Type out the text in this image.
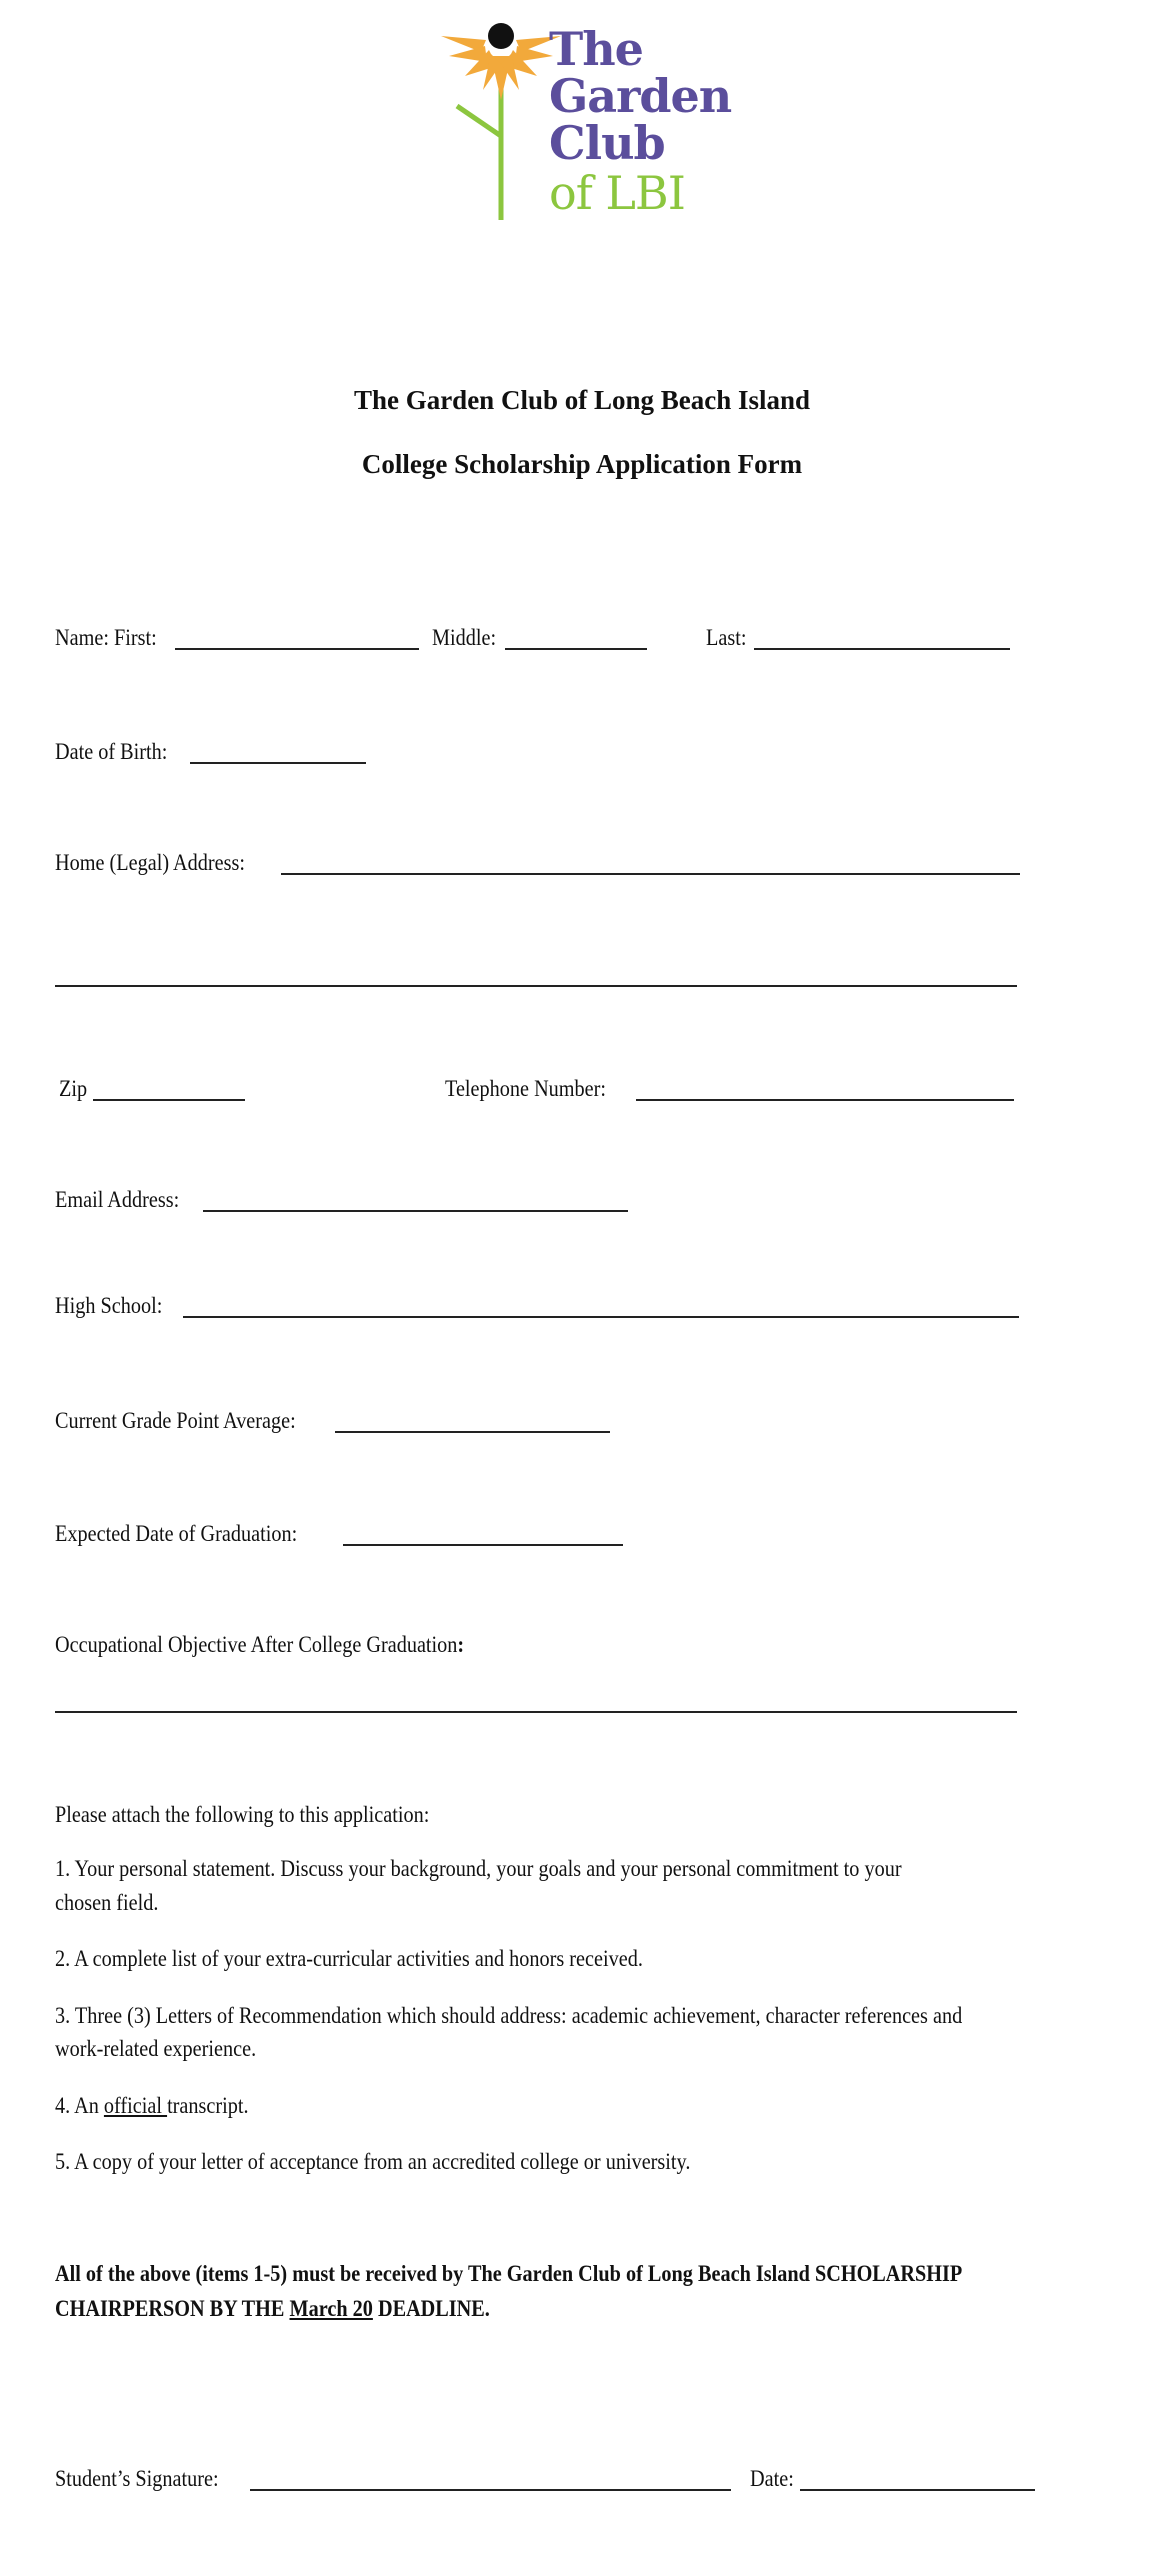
The
Garden
Club
of LBI
The Garden Club of Long Beach Island
College Scholarship Application Form
Name: First:	Middle:	Last:
Date of Birth:
Home (Legal) Address:
Zip	Telephone Number:
Email Address:
High School:
Current Grade Point Average:
Expected Date of Graduation:
Occupational Objective After College Graduation:
Please attach the following to this application:
1. Your personal statement. Discuss your background, your goals and your personal commitment to your
chosen field.
2. A complete list of your extra-curricular activities and honors received.
3. Three (3) Letters of Recommendation which should address: academic achievement, character references and
work-related experience.
4. An official transcript.
5. A copy of your letter of acceptance from an accredited college or university.
All of the above (items 1-5) must be received by The Garden Club of Long Beach Island SCHOLARSHIP
CHAIRPERSON BY THE March 20 DEADLINE.
Student’s Signature:	Date:
